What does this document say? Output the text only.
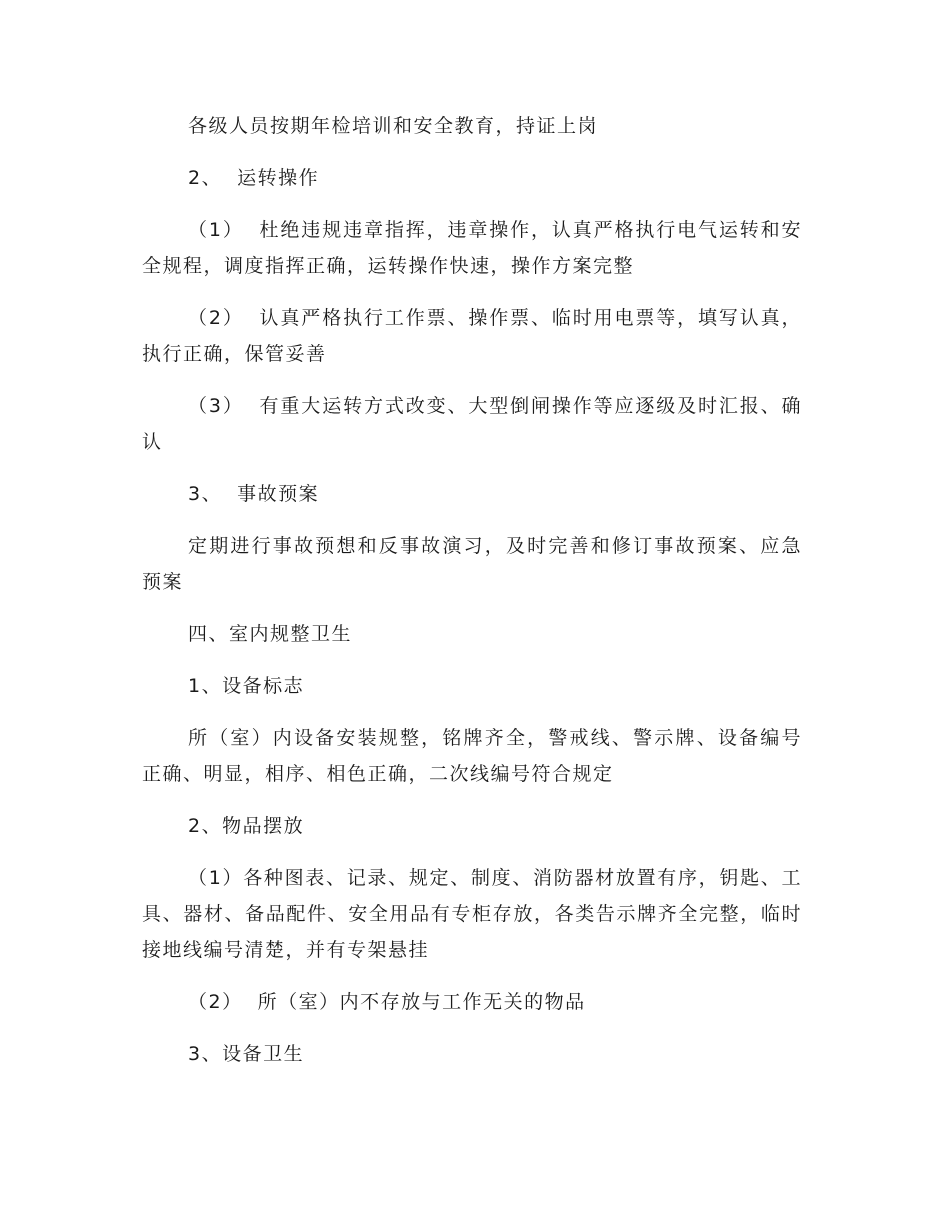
各级人员按期年检培训和安全教育，持证上岗

2、  运转操作

（1）  杜绝违规违章指挥，违章操作，认真严格执行电气运转和安全规程，调度指挥正确，运转操作快速，操作方案完整

（2）  认真严格执行工作票、操作票、临时用电票等，填写认真，执行正确，保管妥善

（3）  有重大运转方式改变、大型倒闸操作等应逐级及时汇报、确认

3、  事故预案

定期进行事故预想和反事故演习，及时完善和修订事故预案、应急预案

四、室内规整卫生

1、设备标志

所（室）内设备安装规整，铭牌齐全，警戒线、警示牌、设备编号正确、明显，相序、相色正确，二次线编号符合规定

2、物品摆放

（1）各种图表、记录、规定、制度、消防器材放置有序，钥匙、工具、器材、备品配件、安全用品有专柜存放，各类告示牌齐全完整，临时接地线编号清楚，并有专架悬挂

（2）  所（室）内不存放与工作无关的物品

3、设备卫生
